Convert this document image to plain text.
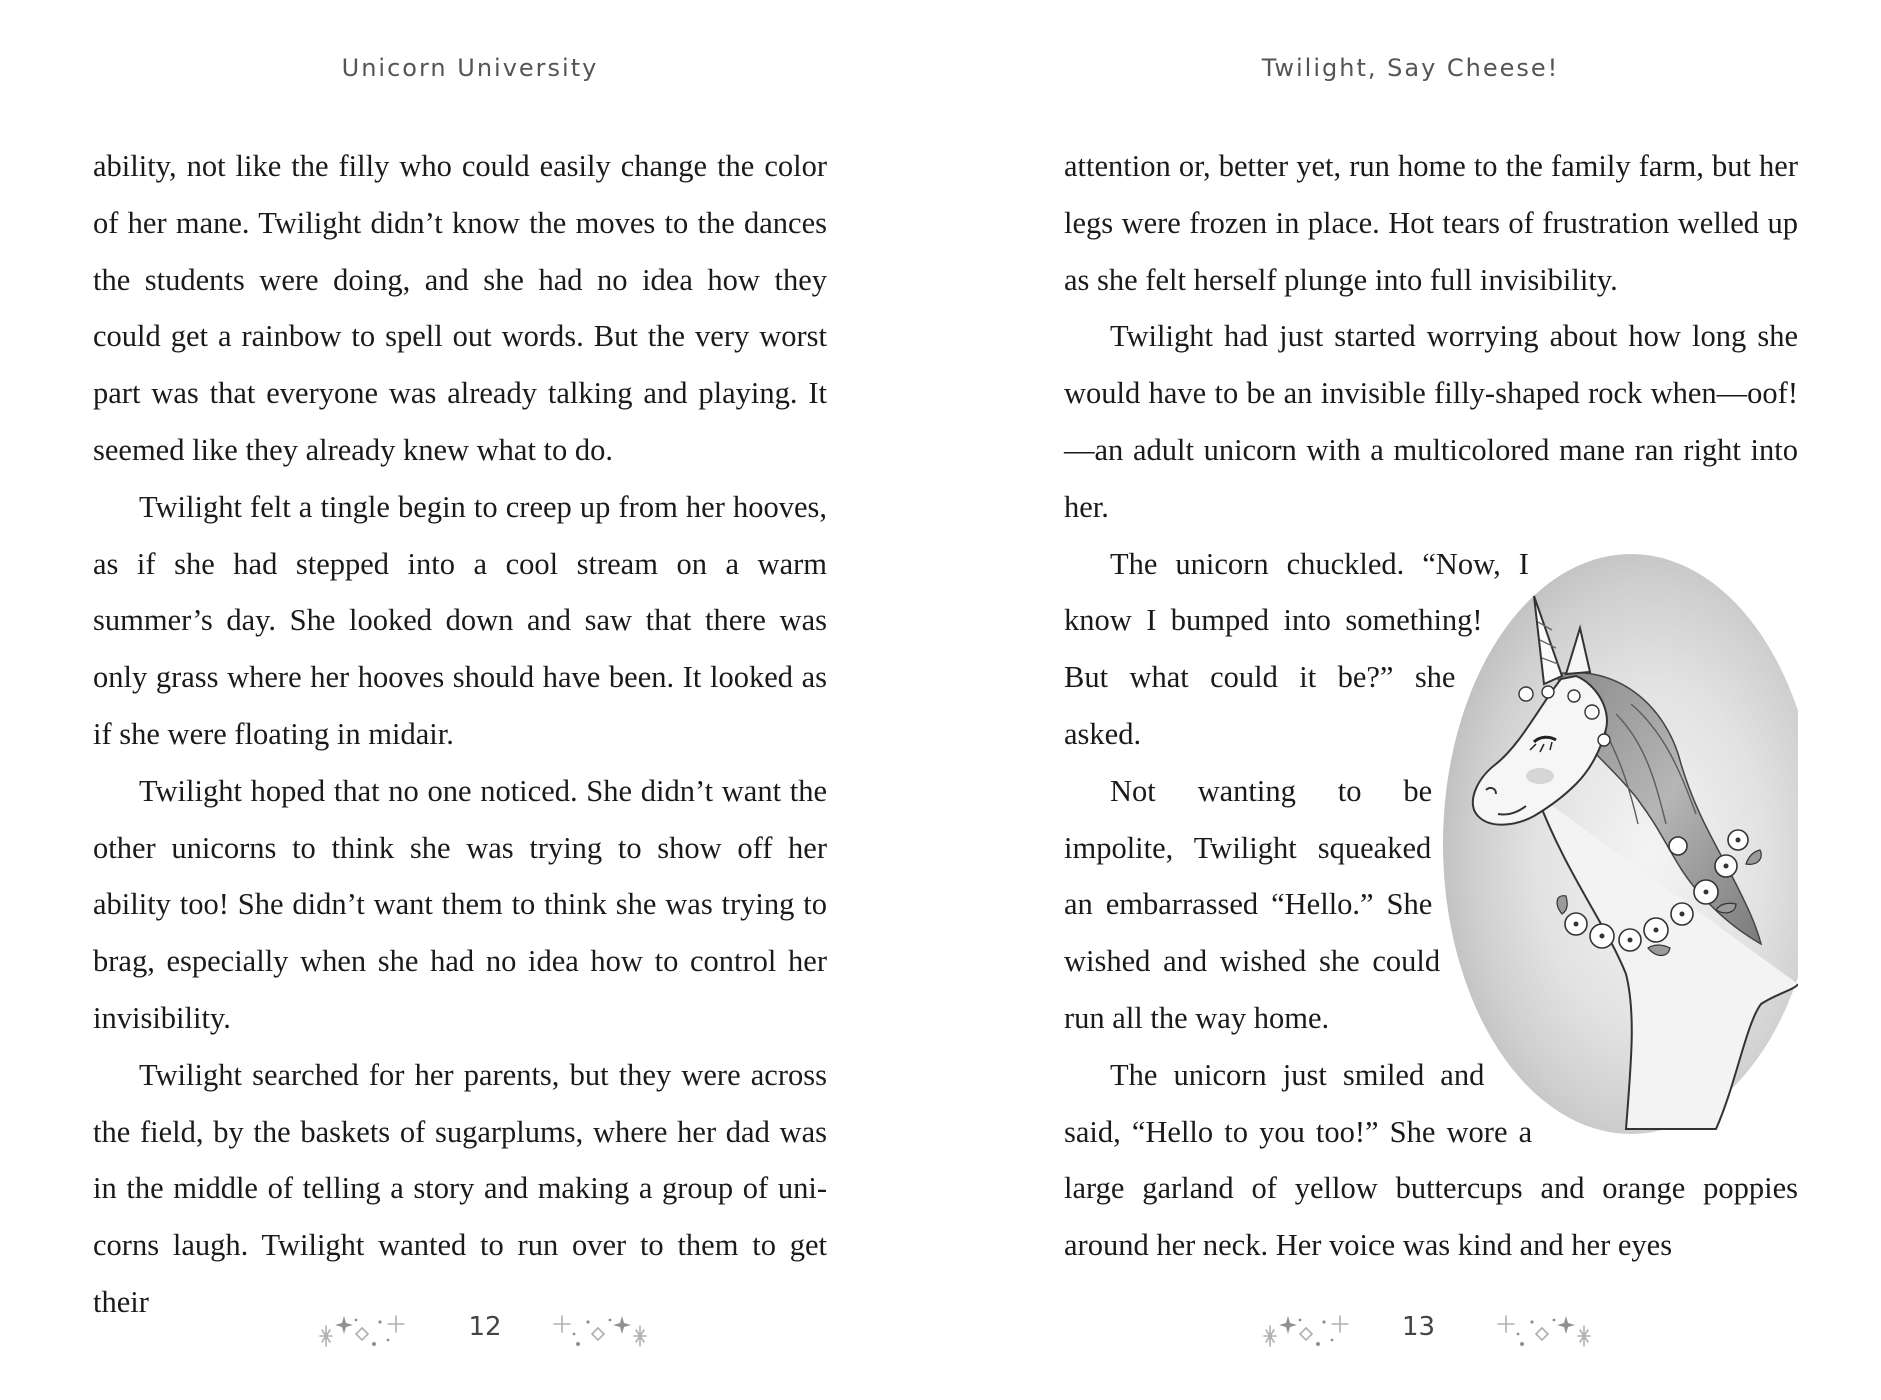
Unicorn University

ability, not like the filly who could easily change the color of her mane. Twilight didn’t know the moves to the dances the students were doing, and she had no idea how they could get a rainbow to spell out words. But the very worst part was that everyone was already talking and playing. It seemed like they already knew what to do.

Twilight felt a tingle begin to creep up from her hooves, as if she had stepped into a cool stream on a warm summer’s day. She looked down and saw that there was only grass where her hooves should have been. It looked as if she were floating in midair.

Twilight hoped that no one noticed. She didn’t want the other unicorns to think she was trying to show off her ability too! She didn’t want them to think she was trying to brag, especially when she had no idea how to control her invisibility.

Twilight searched for her parents, but they were across the field, by the baskets of sugarplums, where her dad was in the middle of telling a story and making a group of unicorns laugh. Twilight wanted to run over to them to get their

12
Twilight, Say Cheese!

attention or, better yet, run home to the family farm, but her legs were frozen in place. Hot tears of frustration welled up as she felt herself plunge into full invisibility.

Twilight had just started worrying about how long she would have to be an invisible filly-shaped rock when—oof!—an adult unicorn with a multicolored mane ran right into her.

The unicorn chuckled. “Now, I know I bumped into something! But what could it be?” she asked.

Not wanting to be impolite, Twilight squeaked an embarrassed “Hello.” She wished and wished she could run all the way home.

The unicorn just smiled and said, “Hello to you too!” She wore a large garland of yellow buttercups and orange poppies around her neck. Her voice was kind and her eyes

13
